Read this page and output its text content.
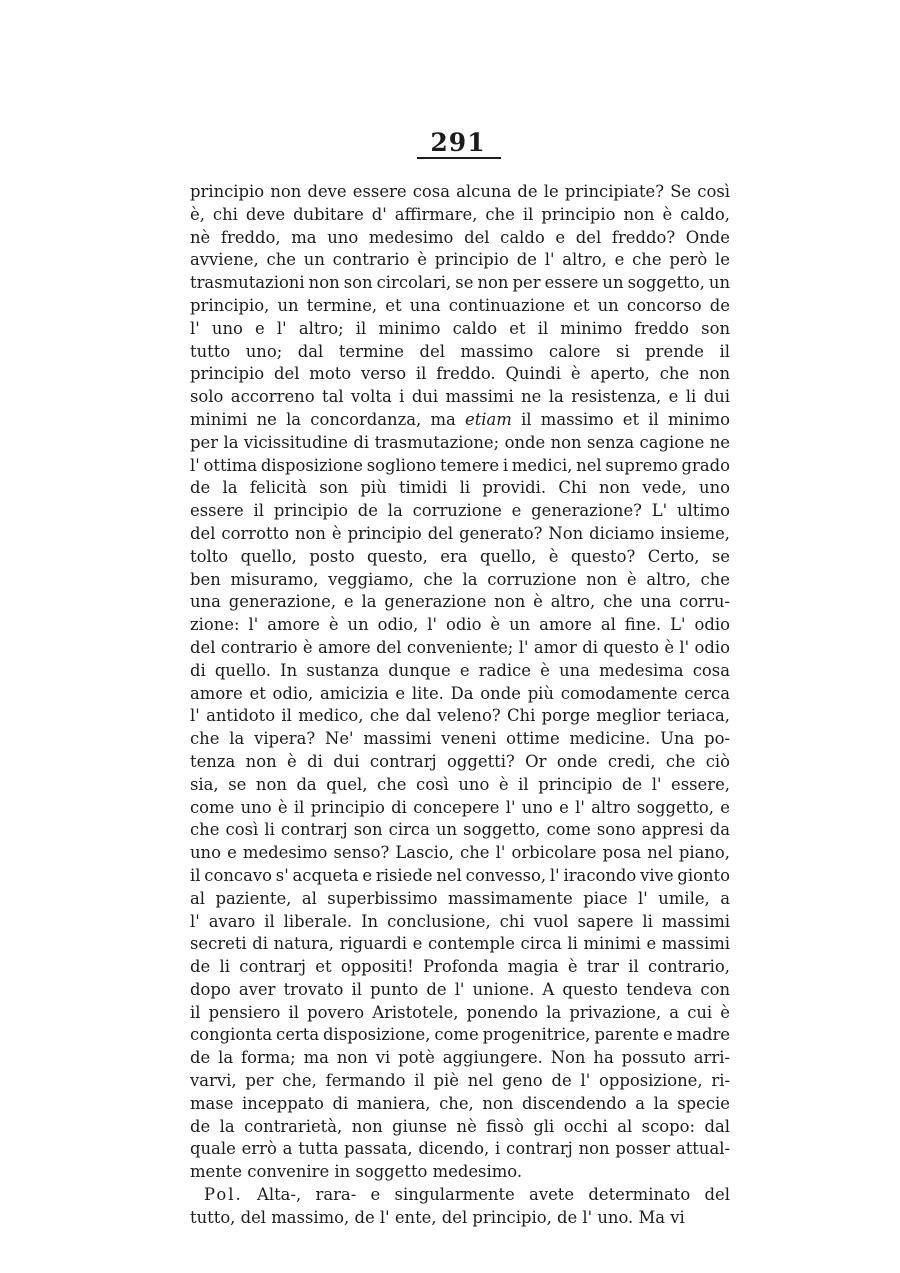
291
principio non deve essere cosa alcuna de le principiate? Se così
è, chi deve dubitare d' affirmare, che il principio non è caldo,
nè freddo, ma uno medesimo del caldo e del freddo? Onde
avviene, che un contrario è principio de l' altro, e che però le
trasmutazioni non son circolari, se non per essere un soggetto, un
principio, un termine, et una continuazione et un concorso de
l' uno e l' altro; il minimo caldo et il minimo freddo son
tutto uno; dal termine del massimo calore si prende il
principio del moto verso il freddo. Quindi è aperto, che non
solo accorreno tal volta i dui massimi ne la resistenza, e li dui
minimi ne la concordanza, ma etiam il massimo et il minimo
per la vicissitudine di trasmutazione; onde non senza cagione ne
l' ottima disposizione sogliono temere i medici, nel supremo grado
de la felicità son più timidi li providi. Chi non vede, uno
essere il principio de la corruzione e generazione? L' ultimo
del corrotto non è principio del generato? Non diciamo insieme,
tolto quello, posto questo, era quello, è questo? Certo, se
ben misuramo, veggiamo, che la corruzione non è altro, che
una generazione, e la generazione non è altro, che una corru-
zione: l' amore è un odio, l' odio è un amore al fine. L' odio
del contrario è amore del conveniente; l' amor di questo è l' odio
di quello. In sustanza dunque e radice è una medesima cosa
amore et odio, amicizia e lite. Da onde più comodamente cerca
l' antidoto il medico, che dal veleno? Chi porge meglior teriaca,
che la vipera? Ne' massimi veneni ottime medicine. Una po-
tenza non è di dui contrarj oggetti? Or onde credi, che ciò
sia, se non da quel, che così uno è il principio de l' essere,
come uno è il principio di concepere l' uno e l' altro soggetto, e
che così li contrarj son circa un soggetto, come sono appresi da
uno e medesimo senso? Lascio, che l' orbicolare posa nel piano,
il concavo s' acqueta e risiede nel convesso, l' iracondo vive gionto
al paziente, al superbissimo massimamente piace l' umile, a
l' avaro il liberale. In conclusione, chi vuol sapere li massimi
secreti di natura, riguardi e contemple circa li minimi e massimi
de li contrarj et oppositi! Profonda magia è trar il contrario,
dopo aver trovato il punto de l' unione. A questo tendeva con
il pensiero il povero Aristotele, ponendo la privazione, a cui è
congionta certa disposizione, come progenitrice, parente e madre
de la forma; ma non vi potè aggiungere. Non ha possuto arri-
varvi, per che, fermando il piè nel geno de l' opposizione, ri-
mase inceppato di maniera, che, non discendendo a la specie
de la contrarietà, non giunse nè fissò gli occhi al scopo: dal
quale errò a tutta passata, dicendo, i contrarj non posser attual-
mente convenire in soggetto medesimo.
Pol. Alta-, rara- e singularmente avete determinato del
tutto, del massimo, de l' ente, del principio, de l' uno. Ma vi
